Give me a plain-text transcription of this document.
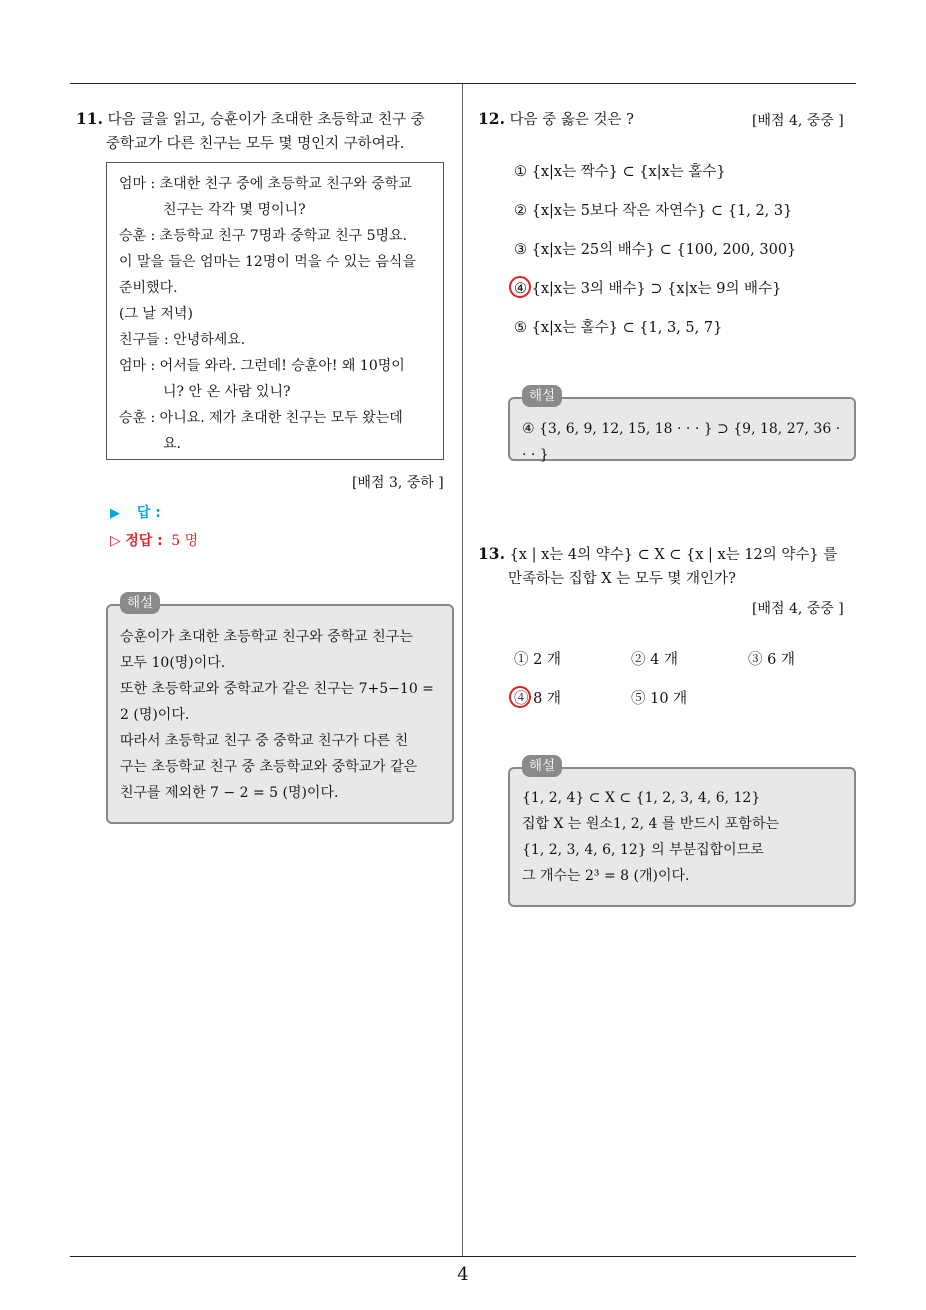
4
11. 다음 글을 읽고, 승훈이가 초대한 초등학교 친구 중
중학교가 다른 친구는 모두 몇 명인지 구하여라.
엄마 : 초대한 친구 중에 초등학교 친구와 중학교
친구는 각각 몇 명이니?
승훈 : 초등학교 친구 7명과 중학교 친구 5명요.
이 말을 들은 엄마는 12명이 먹을 수 있는 음식을
준비했다.
(그 날 저녁)
친구들 : 안녕하세요.
엄마 : 어서들 와라. 그런데! 승훈아! 왜 10명이
니? 안 온 사람 있니?
승훈 : 아니요. 제가 초대한 친구는 모두 왔는데
요.
[배점 3, 중하 ]
▶ 답 :
▷ 정답 : 5 명
해설
승훈이가 초대한 초등학교 친구와 중학교 친구는
모두 10(명)이다.
또한 초등학교와 중학교가 같은 친구는 7+5−10 =
2 (명)이다.
따라서 초등학교 친구 중 중학교 친구가 다른 친
구는 초등학교 친구 중 초등학교와 중학교가 같은
친구를 제외한 7 − 2 = 5 (명)이다.
12. 다음 중 옳은 것은 ?	[배점 4, 중중 ]
① {x|x는 짝수} ⊂ {x|x는 홀수}
② {x|x는 5보다 작은 자연수} ⊂ {1, 2, 3}
③ {x|x는 25의 배수} ⊂ {100, 200, 300}
④ {x|x는 3의 배수} ⊃ {x|x는 9의 배수}
⑤ {x|x는 홀수} ⊂ {1, 3, 5, 7}
해설
④ {3, 6, 9, 12, 15, 18 · · · } ⊃ {9, 18, 27, 36 · · · }
13. {x | x는 4의 약수} ⊂ X ⊂ {x | x는 12의 약수} 를
만족하는 집합 X 는 모두 몇 개인가?
[배점 4, 중중 ]
① 2 개	② 4 개	③ 6 개
④ 8 개	⑤ 10 개
해설
{1, 2, 4} ⊂ X ⊂ {1, 2, 3, 4, 6, 12}
집합 X 는 원소1, 2, 4 를 반드시 포함하는
{1, 2, 3, 4, 6, 12} 의 부분집합이므로
그 개수는 2³ = 8 (개)이다.
